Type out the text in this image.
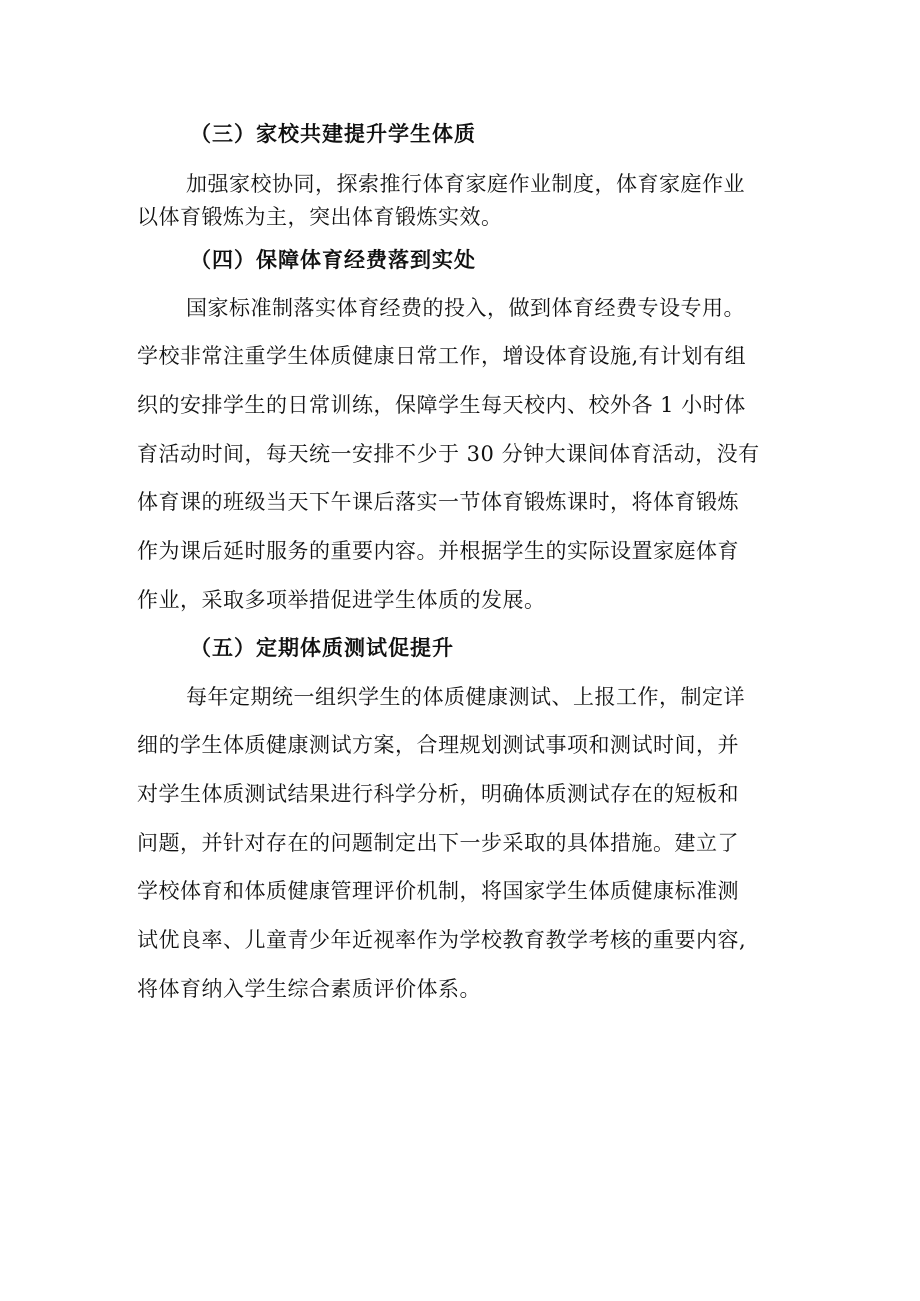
（三）家校共建提升学生体质

加强家校协同，探索推行体育家庭作业制度，体育家庭作业

以体育锻炼为主，突出体育锻炼实效。

（四）保障体育经费落到实处

国家标准制落实体育经费的投入，做到体育经费专设专用。

学校非常注重学生体质健康日常工作，增设体育设施,有计划有组

织的安排学生的日常训练，保障学生每天校内、校外各 1 小时体

育活动时间，每天统一安排不少于 30 分钟大课间体育活动，没有

体育课的班级当天下午课后落实一节体育锻炼课时，将体育锻炼

作为课后延时服务的重要内容。并根据学生的实际设置家庭体育

作业，采取多项举措促进学生体质的发展。

（五）定期体质测试促提升

每年定期统一组织学生的体质健康测试、上报工作，制定详

细的学生体质健康测试方案，合理规划测试事项和测试时间，并

对学生体质测试结果进行科学分析，明确体质测试存在的短板和

问题，并针对存在的问题制定出下一步采取的具体措施。建立了

学校体育和体质健康管理评价机制，将国家学生体质健康标准测

试优良率、儿童青少年近视率作为学校教育教学考核的重要内容,

将体育纳入学生综合素质评价体系。
